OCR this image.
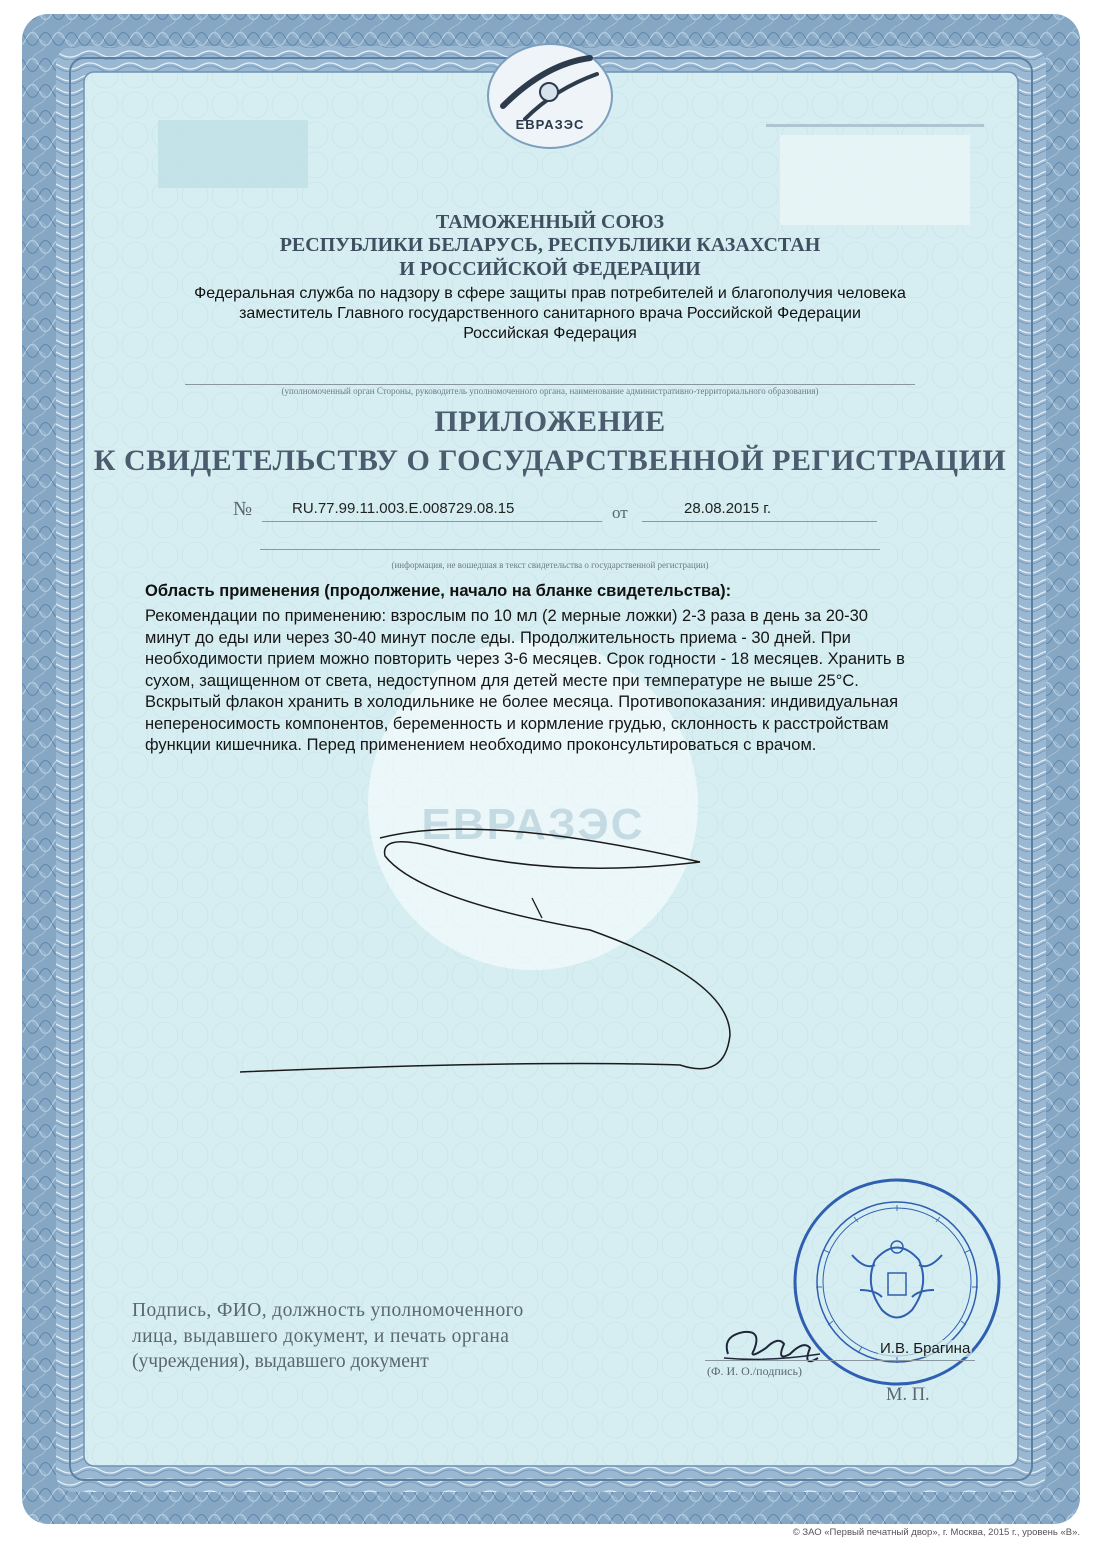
ЕВРАЗЭС
ТАМОЖЕННЫЙ СОЮЗ
РЕСПУБЛИКИ БЕЛАРУСЬ, РЕСПУБЛИКИ КАЗАХСТАН
И РОССИЙСКОЙ ФЕДЕРАЦИИ
Федеральная служба по надзору в сфере защиты прав потребителей и благополучия человека
заместитель Главного государственного санитарного врача Российской Федерации
Российская Федерация
(уполномоченный орган Стороны, руководитель уполномоченного органа, наименование административно-территориального образования)
ПРИЛОЖЕНИЕ
К СВИДЕТЕЛЬСТВУ О ГОСУДАРСТВЕННОЙ РЕГИСТРАЦИИ
№	RU.77.99.11.003.E.008729.08.15	от	28.08.2015 г.
(информация, не вошедшая в текст свидетельства о государственной регистрации)
ЕВРАЗЭС
Область применения (продолжение, начало на бланке свидетельства):
Рекомендации по применению: взрослым по 10 мл (2 мерные ложки) 2-3 раза в день за 20-30
минут до еды или через 30-40 минут после еды. Продолжительность приема - 30 дней. При
необходимости прием можно повторить через 3-6 месяцев. Срок годности - 18 месяцев. Хранить в
сухом, защищенном от света, недоступном для детей месте при температуре не выше 25°С.
Вскрытый флакон хранить в холодильнике не более месяца. Противопоказания: индивидуальная
непереносимость компонентов, беременность и кормление грудью, склонность к расстройствам
функции кишечника. Перед применением необходимо проконсультироваться с врачом.
Подпись, ФИО, должность уполномоченного
лица, выдавшего документ, и печать органа
(учреждения), выдавшего документ
И.В. Брагина
(Ф. И. О./подпись)
М. П.
© ЗАО «Первый печатный двор», г. Москва, 2015 г., уровень «В».
